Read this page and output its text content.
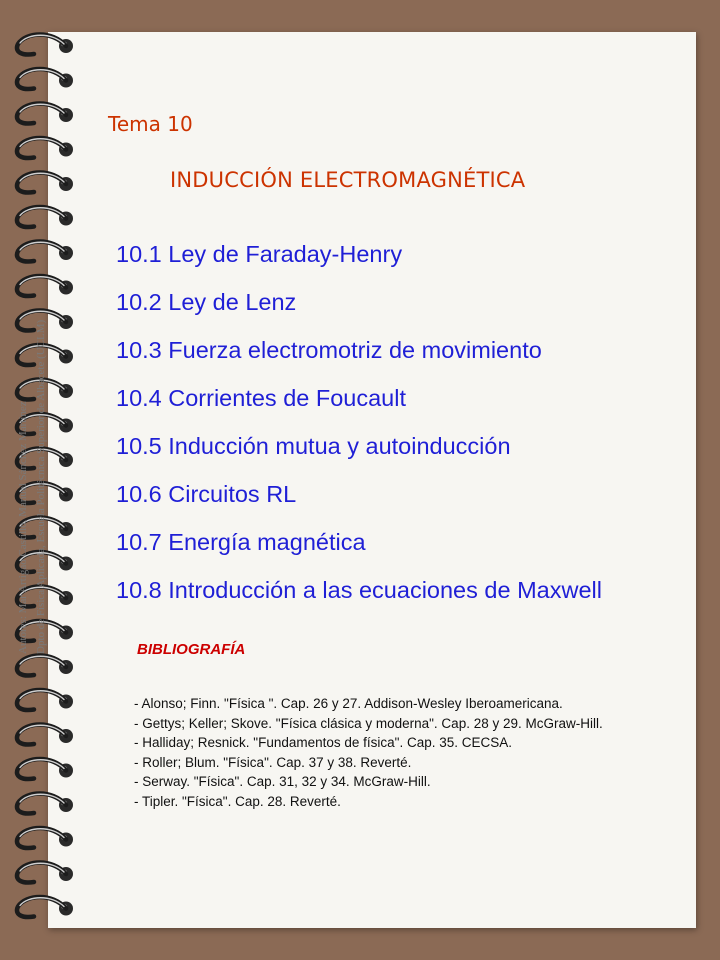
Tema 10
INDUCCIÓN ELECTROMAGNÉTICA
10.1 Ley de Faraday-Henry
10.2 Ley de Lenz
10.3 Fuerza electromotriz de movimiento
10.4 Corrientes de Foucault
10.5 Inducción mutua y autoinducción
10.6 Circuitos RL
10.7 Energía magnética
10.8 Introducción a las ecuaciones de Maxwell
Autores: Mar Artigao Castillo, Manuel Sánchez Martínez Dpto de Física Aplicada, Escuela Politécnica Superior de Albacete (UCLM)	BIBLIOGRAFÍA
- Alonso; Finn. "Física ". Cap. 26 y 27. Addison-Wesley Iberoamericana.
- Gettys; Keller; Skove. "Física clásica y moderna". Cap. 28 y 29. McGraw-Hill.
- Halliday; Resnick. "Fundamentos de física". Cap. 35. CECSA.
- Roller; Blum. "Física". Cap. 37 y 38. Reverté.
- Serway. "Física". Cap. 31, 32 y 34. McGraw-Hill.
- Tipler. "Física". Cap. 28. Reverté.
